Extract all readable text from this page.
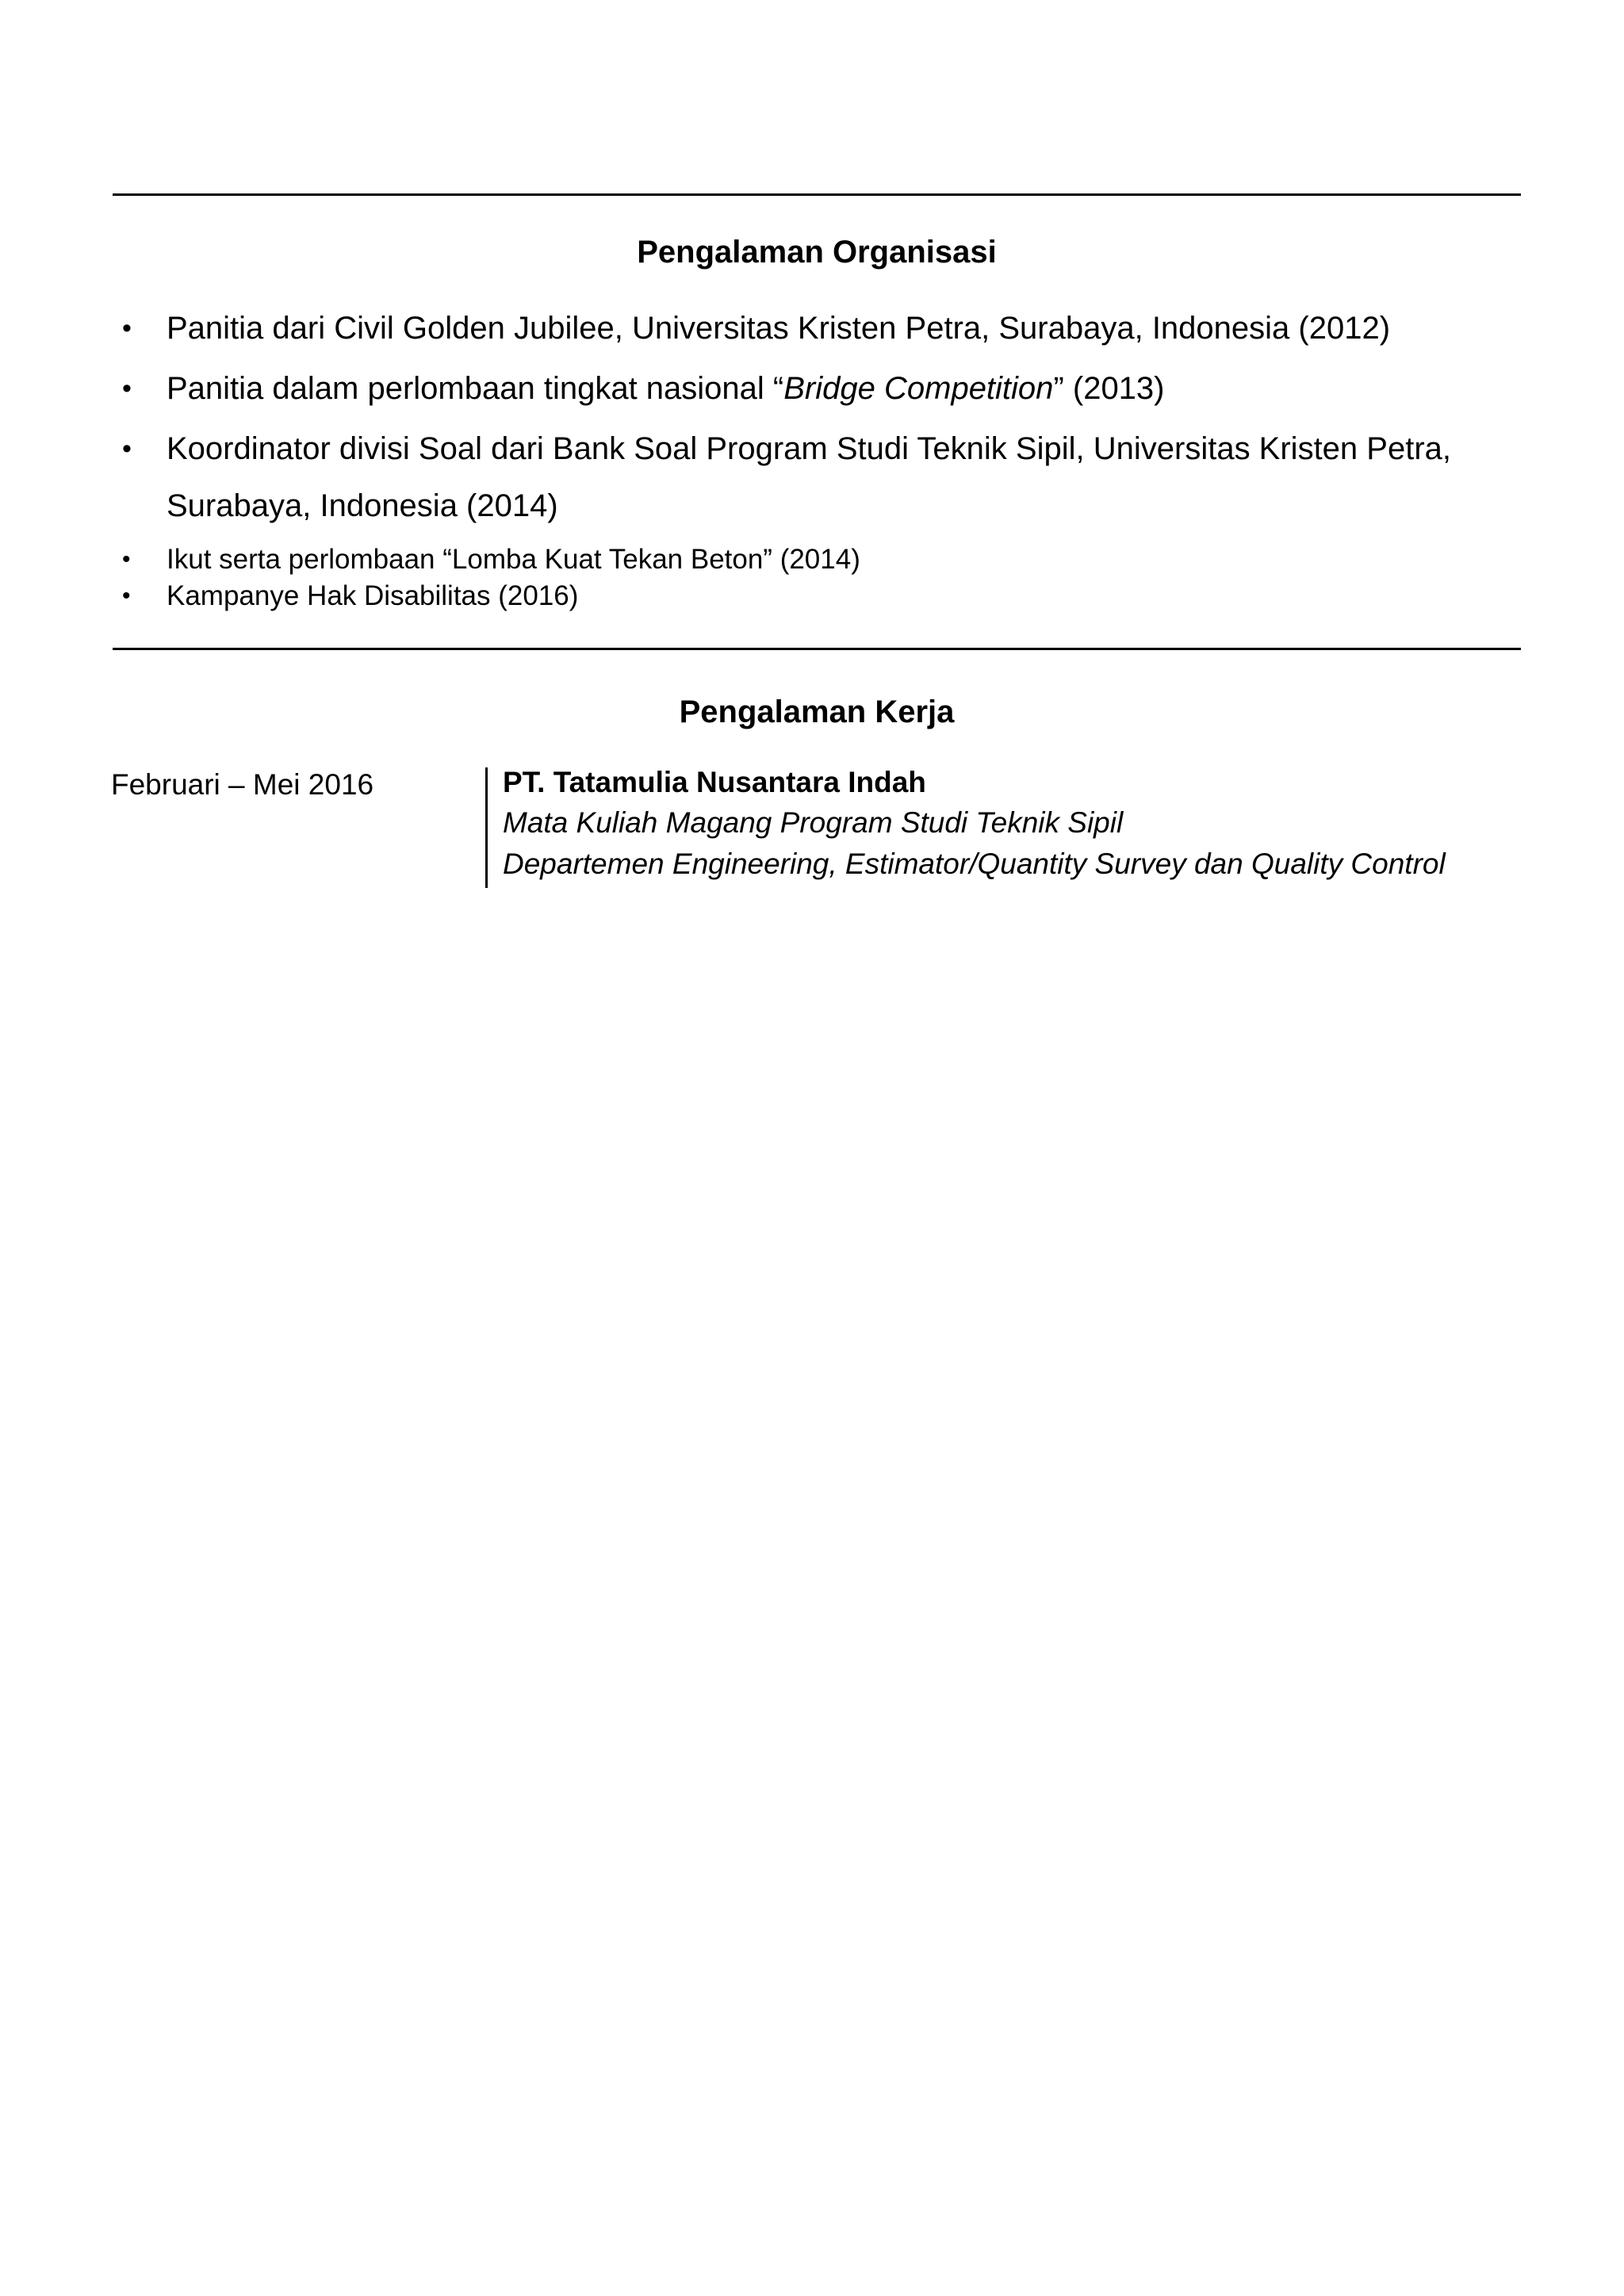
Pengalaman Organisasi
• Panitia dari Civil Golden Jubilee, Universitas Kristen Petra, Surabaya, Indonesia (2012)
• Panitia dalam perlombaan tingkat nasional “Bridge Competition” (2013)
• Koordinator divisi Soal dari Bank Soal Program Studi Teknik Sipil, Universitas Kristen Petra,
Surabaya, Indonesia (2014)
• Ikut serta perlombaan “Lomba Kuat Tekan Beton” (2014)
• Kampanye Hak Disabilitas (2016)
Pengalaman Kerja
Februari – Mei 2016	PT. Tatamulia Nusantara Indah
Mata Kuliah Magang Program Studi Teknik Sipil
Departemen Engineering, Estimator/Quantity Survey dan Quality Control
